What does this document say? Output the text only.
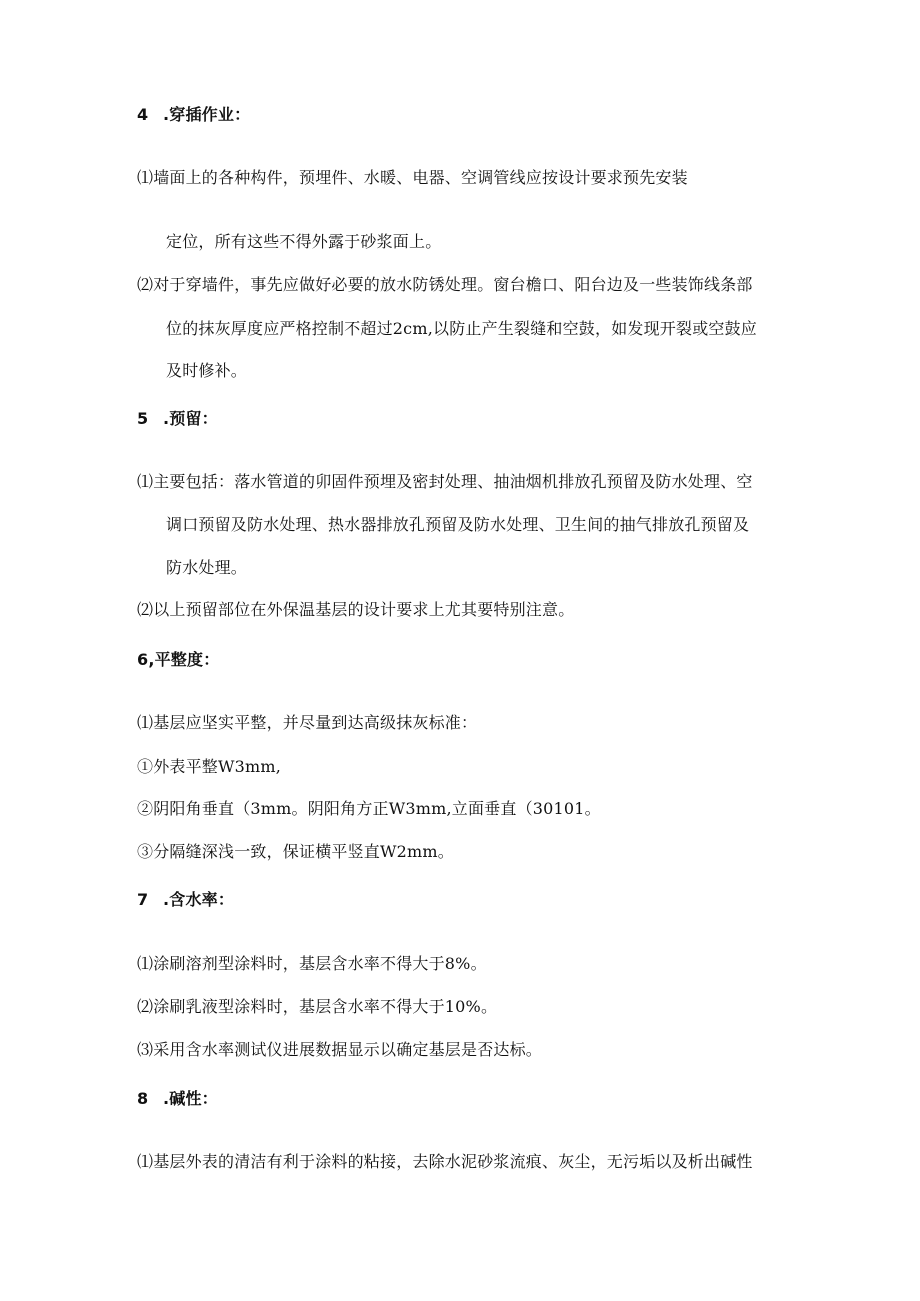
4 .穿插作业：
⑴墙面上的各种构件，预埋件、水暖、电器、空调管线应按设计要求预先安装
定位，所有这些不得外露于砂浆面上。
⑵对于穿墙件，事先应做好必要的放水防锈处理。窗台檐口、阳台边及一些装饰线条部
位的抹灰厚度应严格控制不超过2cm,以防止产生裂缝和空鼓，如发现开裂或空鼓应
及时修补。
5 .预留：
⑴主要包括：落水管道的卯固件预埋及密封处理、抽油烟机排放孔预留及防水处理、空
调口预留及防水处理、热水器排放孔预留及防水处理、卫生间的抽气排放孔预留及
防水处理。
⑵以上预留部位在外保温基层的设计要求上尤其要特别注意。
6,平整度：
⑴基层应坚实平整，并尽量到达高级抹灰标准：
①外表平整W3mm,
②阴阳角垂直（3mm。阴阳角方正W3mm,立面垂直（30101。
③分隔缝深浅一致，保证横平竖直W2mm。
7 .含水率：
⑴涂刷溶剂型涂料时，基层含水率不得大于8%。
⑵涂刷乳液型涂料时，基层含水率不得大于10%。
⑶采用含水率测试仪进展数据显示以确定基层是否达标。
8 .碱性：
⑴基层外表的清洁有利于涂料的粘接，去除水泥砂浆流痕、灰尘，无污垢以及析出碱性
